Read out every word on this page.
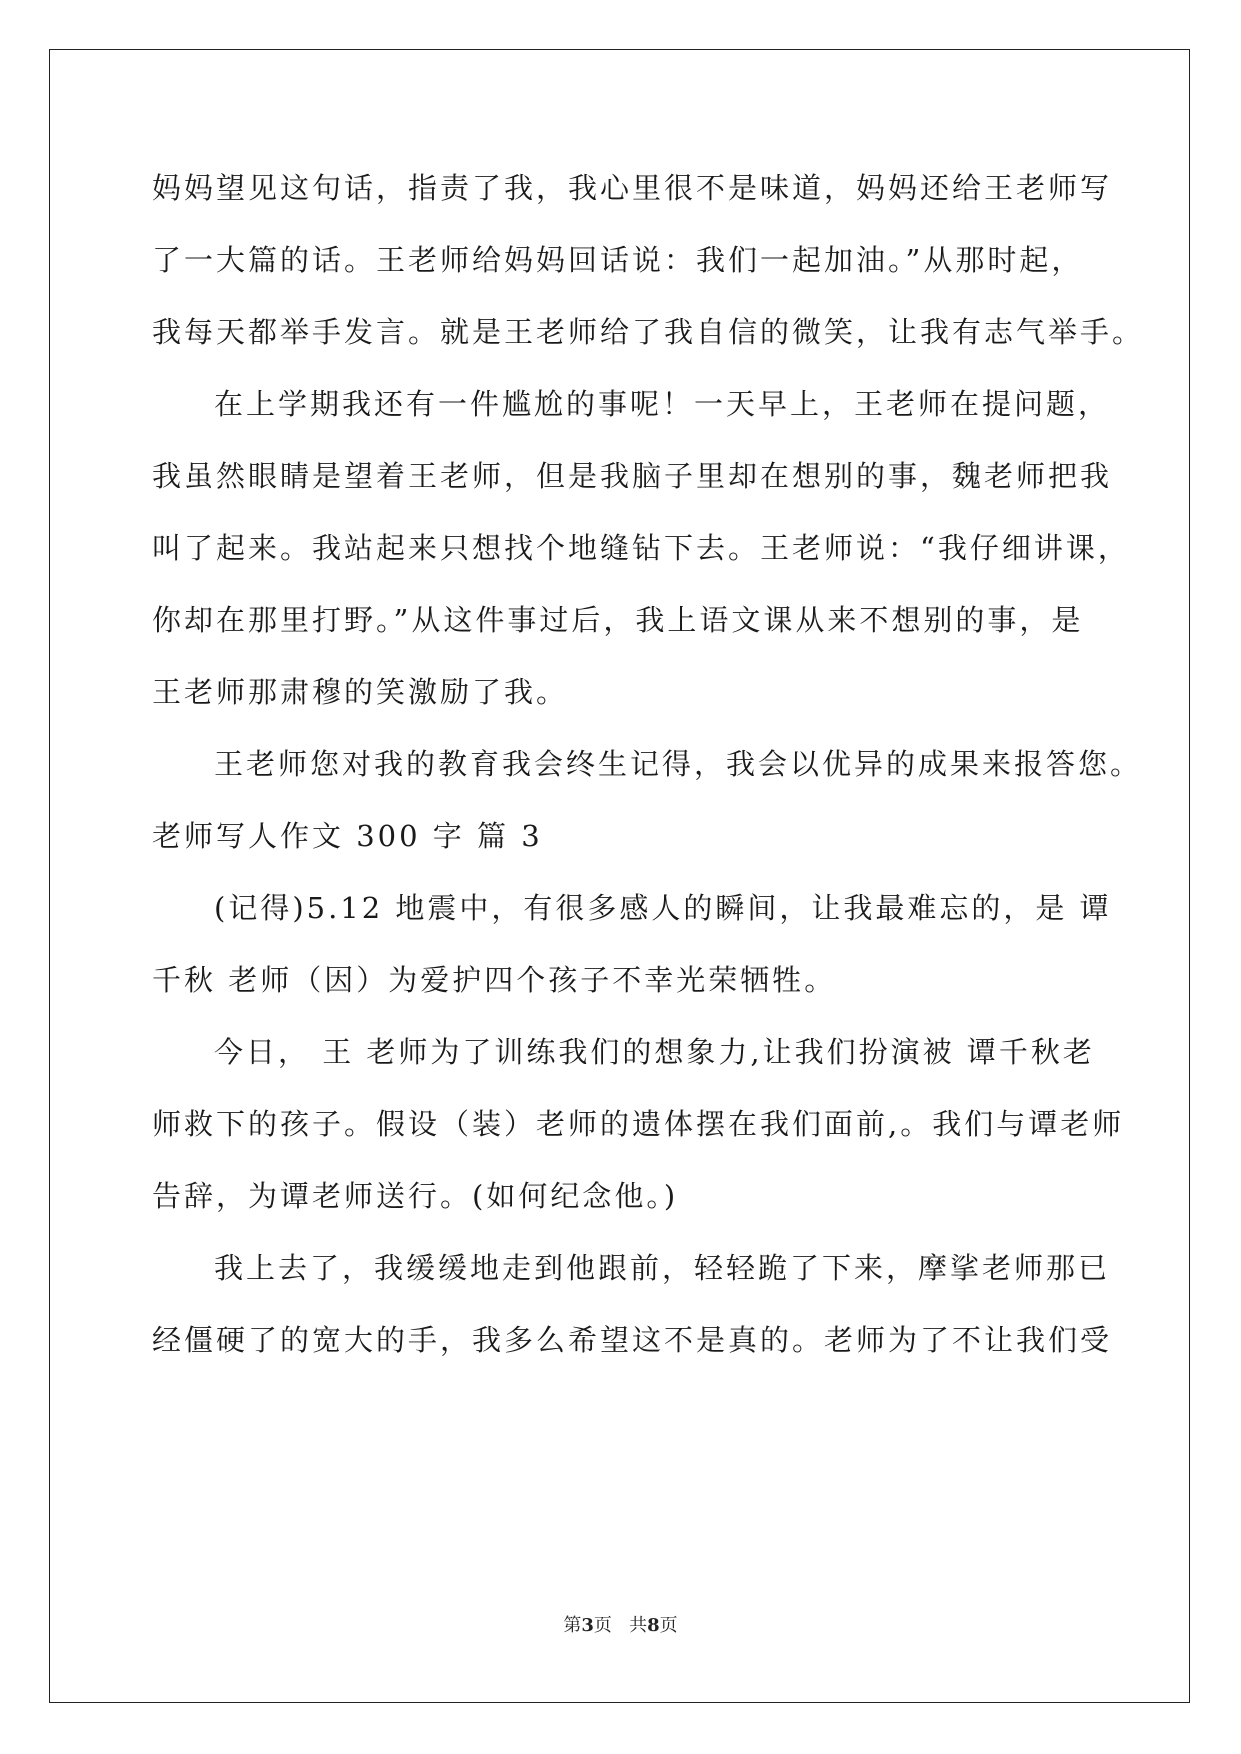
妈妈望见这句话，指责了我，我心里很不是味道，妈妈还给王老师写
了一大篇的话。王老师给妈妈回话说：我们一起加油。”从那时起，
我每天都举手发言。就是王老师给了我自信的微笑，让我有志气举手。
在上学期我还有一件尴尬的事呢！一天早上，王老师在提问题，
我虽然眼睛是望着王老师，但是我脑子里却在想别的事，魏老师把我
叫了起来。我站起来只想找个地缝钻下去。王老师说：“我仔细讲课，
你却在那里打野。”从这件事过后，我上语文课从来不想别的事，是
王老师那肃穆的笑激励了我。
王老师您对我的教育我会终生记得，我会以优异的成果来报答您。
老师写人作文 300 字 篇 3
(记得)5.12 地震中，有很多感人的瞬间，让我最难忘的，是 谭
千秋 老师（因）为爱护四个孩子不幸光荣牺牲。
今日， 王 老师为了训练我们的想象力,让我们扮演被 谭千秋老
师救下的孩子。假设（装）老师的遗体摆在我们面前,。我们与谭老师
告辞，为谭老师送行。(如何纪念他。)
我上去了，我缓缓地走到他跟前，轻轻跪了下来，摩挲老师那已
经僵硬了的宽大的手，我多么希望这不是真的。老师为了不让我们受
第3页 共8页
